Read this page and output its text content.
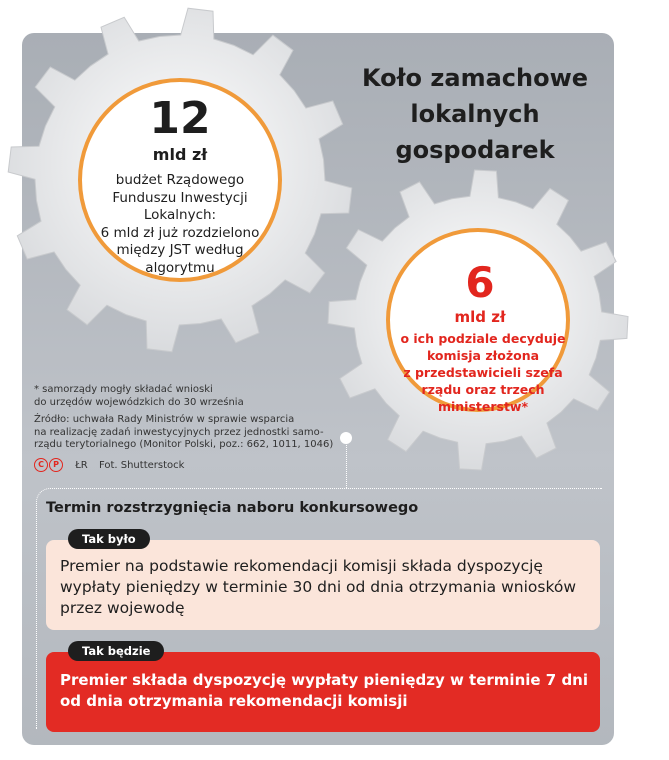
Koło zamachowe
lokalnych
gospodarek
12
mld zł
budżet Rządowego
Funduszu Inwestycji
Lokalnych:
6 mld zł już rozdzielono
między JST według
algorytmu	6
mld zł
o ich podziale decyduje
komisja złożona
z przedstawicieli szefa
rządu oraz trzech
ministerstw*
* samorządy mogły składać wnioski
do urzędów wojewódzkich do 30 września
Źródło: uchwała Rady Ministrów w sprawie wsparcia
na realizację zadań inwestycyjnych przez jednostki samo-
rządu terytorialnego (Monitor Polski, poz.: 662, 1011, 1046)
C P ŁR Fot. Shutterstock
Termin rozstrzygnięcia naboru konkursowego
Tak było
Premier na podstawie rekomendacji komisji składa dyspozycję wypłaty pieniędzy w terminie 30 dni od dnia otrzymania wniosków przez wojewodę
Tak będzie
Premier składa dyspozycję wypłaty pieniędzy w terminie 7 dni od dnia otrzymania rekomendacji komisji
